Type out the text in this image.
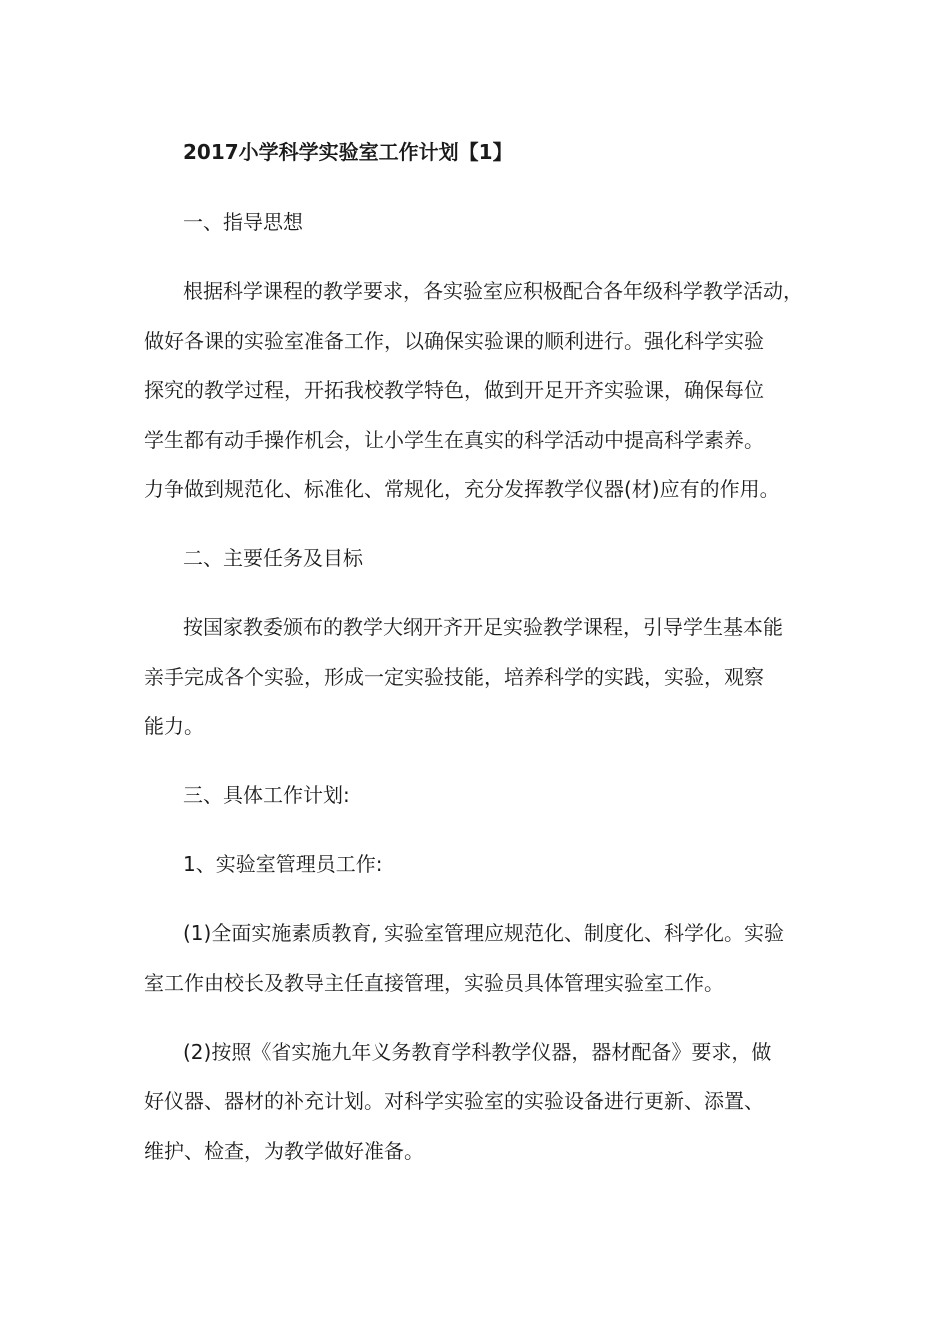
2017小学科学实验室工作计划【1】
一、指导思想
根据科学课程的教学要求，各实验室应积极配合各年级科学教学活动，
做好各课的实验室准备工作，以确保实验课的顺利进行。强化科学实验
探究的教学过程，开拓我校教学特色，做到开足开齐实验课，确保每位
学生都有动手操作机会，让小学生在真实的科学活动中提高科学素养。
力争做到规范化、标准化、常规化，充分发挥教学仪器(材)应有的作用。
二、主要任务及目标
按国家教委颁布的教学大纲开齐开足实验教学课程，引导学生基本能
亲手完成各个实验，形成一定实验技能，培养科学的实践，实验，观察
能力。
三、具体工作计划:
1、实验室管理员工作:
(1)全面实施素质教育, 实验室管理应规范化、制度化、科学化。实验
室工作由校长及教导主任直接管理，实验员具体管理实验室工作。
(2)按照《省实施九年义务教育学科教学仪器，器材配备》要求，做
好仪器、器材的补充计划。对科学实验室的实验设备进行更新、添置、
维护、检查，为教学做好准备。
